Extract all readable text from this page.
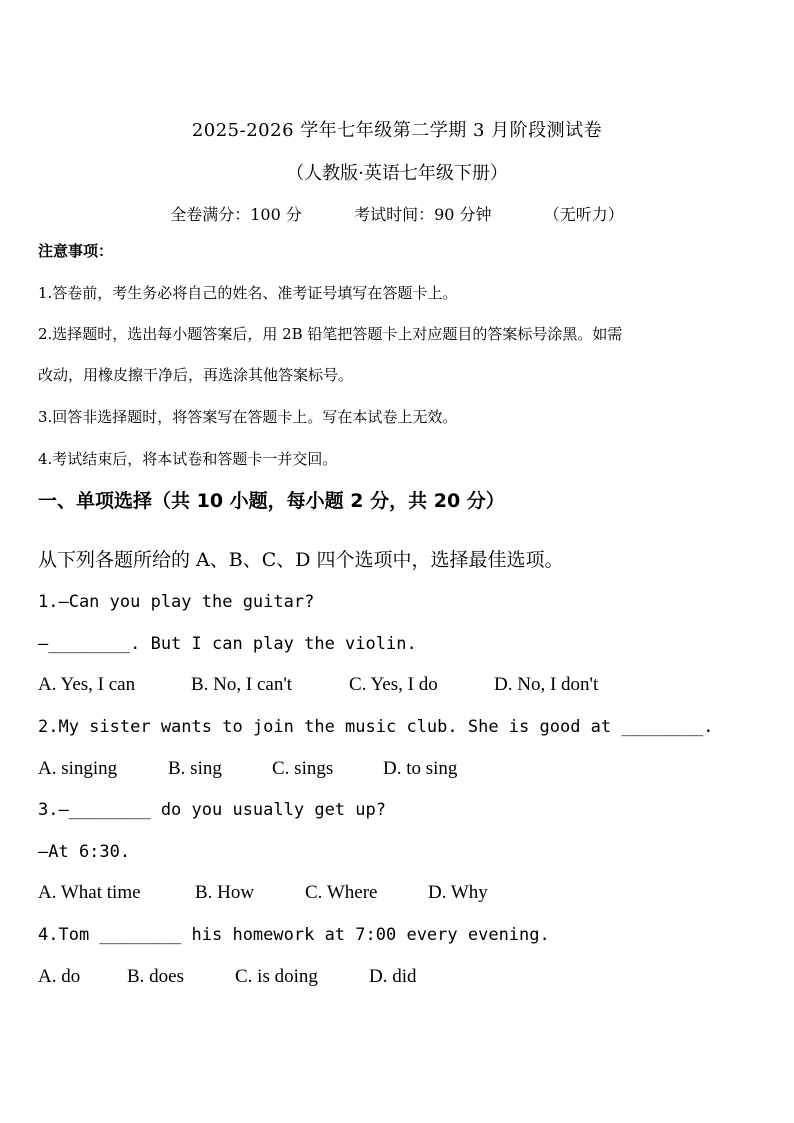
2025-2026 学年七年级第二学期 3 月阶段测试卷
（人教版·英语七年级下册）
全卷满分：100 分	考试时间：90 分钟	（无听力）
注意事项：
1.答卷前，考生务必将自己的姓名、准考证号填写在答题卡上。
2.选择题时，选出每小题答案后，用 2B 铅笔把答题卡上对应题目的答案标号涂黑。如需
改动，用橡皮擦干净后，再选涂其他答案标号。
3.回答非选择题时，将答案写在答题卡上。写在本试卷上无效。
4.考试结束后，将本试卷和答题卡一并交回。
一、单项选择（共 10 小题，每小题 2 分，共 20 分）
从下列各题所给的 A、B、C、D 四个选项中，选择最佳选项。
1.—Can you play the guitar?
—________. But I can play the violin.
A. Yes, I can	B. No, I can't	C. Yes, I do	D. No, I don't
2.My sister wants to join the music club. She is good at ________.
A. singing	B. sing	C. sings	D. to sing
3.—________ do you usually get up?
—At 6:30.
A. What time	B. How	C. Where	D. Why
4.Tom ________ his homework at 7:00 every evening.
A. do B. does	C. is doing	D. did
